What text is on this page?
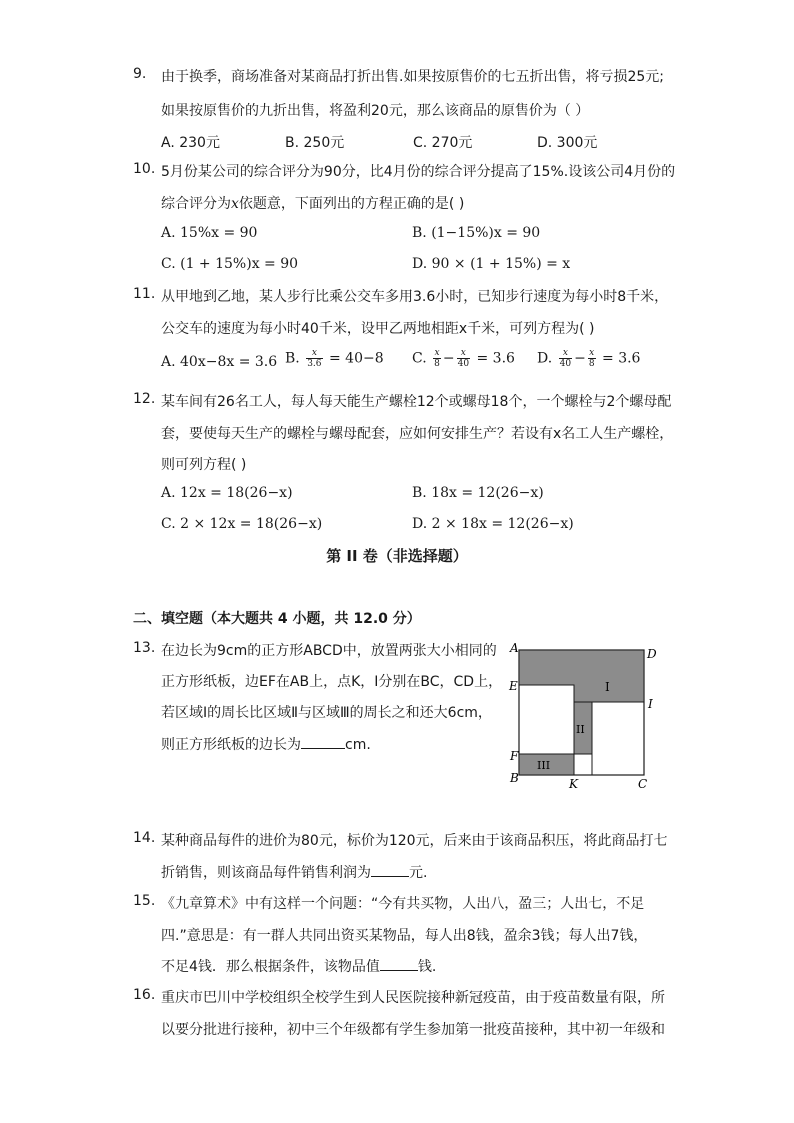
9.	由于换季，商场准备对某商品打折出售.如果按原售价的七五折出售，将亏损25元;
如果按原售价的九折出售，将盈利20元，那么该商品的原售价为（ ）
A. 230元	B. 250元	C. 270元	D. 300元
10. 5月份某公司的综合评分为90分，比4月份的综合评分提高了15%.设该公司4月份的
综合评分为x依题意，下面列出的方程正确的是( )
A. 15%x = 90	B. (1−15%)x = 90
C. (1 + 15%)x = 90	D. 90 × (1 + 15%) = x
11. 从甲地到乙地，某人步行比乘公交车多用3.6小时，已知步行速度为每小时8千米，
公交车的速度为每小时40千米，设甲乙两地相距x千米，可列方程为( )
A. 40x−8x = 3.6 B. $\frac{x}{3.6} = 40-8$ C. $\frac{x}{8} - \frac{x}{40} = 3.6$ D. $\frac{x}{40} - \frac{x}{8} = 3.6$
12. 某车间有26名工人，每人每天能生产螺栓12个或螺母18个，一个螺栓与2个螺母配
套，要使每天生产的螺栓与螺母配套，应如何安排生产？若设有x名工人生产螺栓，
则可列方程( )
A. 12x = 18(26−x)	B. 18x = 12(26−x)
C. 2 × 12x = 18(26−x)	D. 2 × 18x = 12(26−x)
第 II 卷（非选择题）
二、填空题（本大题共 4 小题，共 12.0 分）
13. 在边长为9cm的正方形ABCD中，放置两张大小相同的
正方形纸板，边EF在AB上，点K，I分别在BC，CD上，
若区域I的周长比区域Ⅱ与区域Ⅲ的周长之和还大6cm，
则正方形纸板的边长为	cm.
A	D
E
I
F
B	K	C
I
II
III
14. 某种商品每件的进价为80元，标价为120元，后来由于该商品积压，将此商品打七
折销售，则该商品每件销售利润为	元.
15. 《九章算术》中有这样一个问题：“今有共买物，人出八，盈三；人出七，不足
四.”意思是：有一群人共同出资买某物品，每人出8钱，盈余3钱；每人出7钱，
不足4钱．那么根据条件，该物品值	钱.
16. 重庆市巴川中学校组织全校学生到人民医院接种新冠疫苗，由于疫苗数量有限，所
以要分批进行接种，初中三个年级都有学生参加第一批疫苗接种，其中初一年级和
